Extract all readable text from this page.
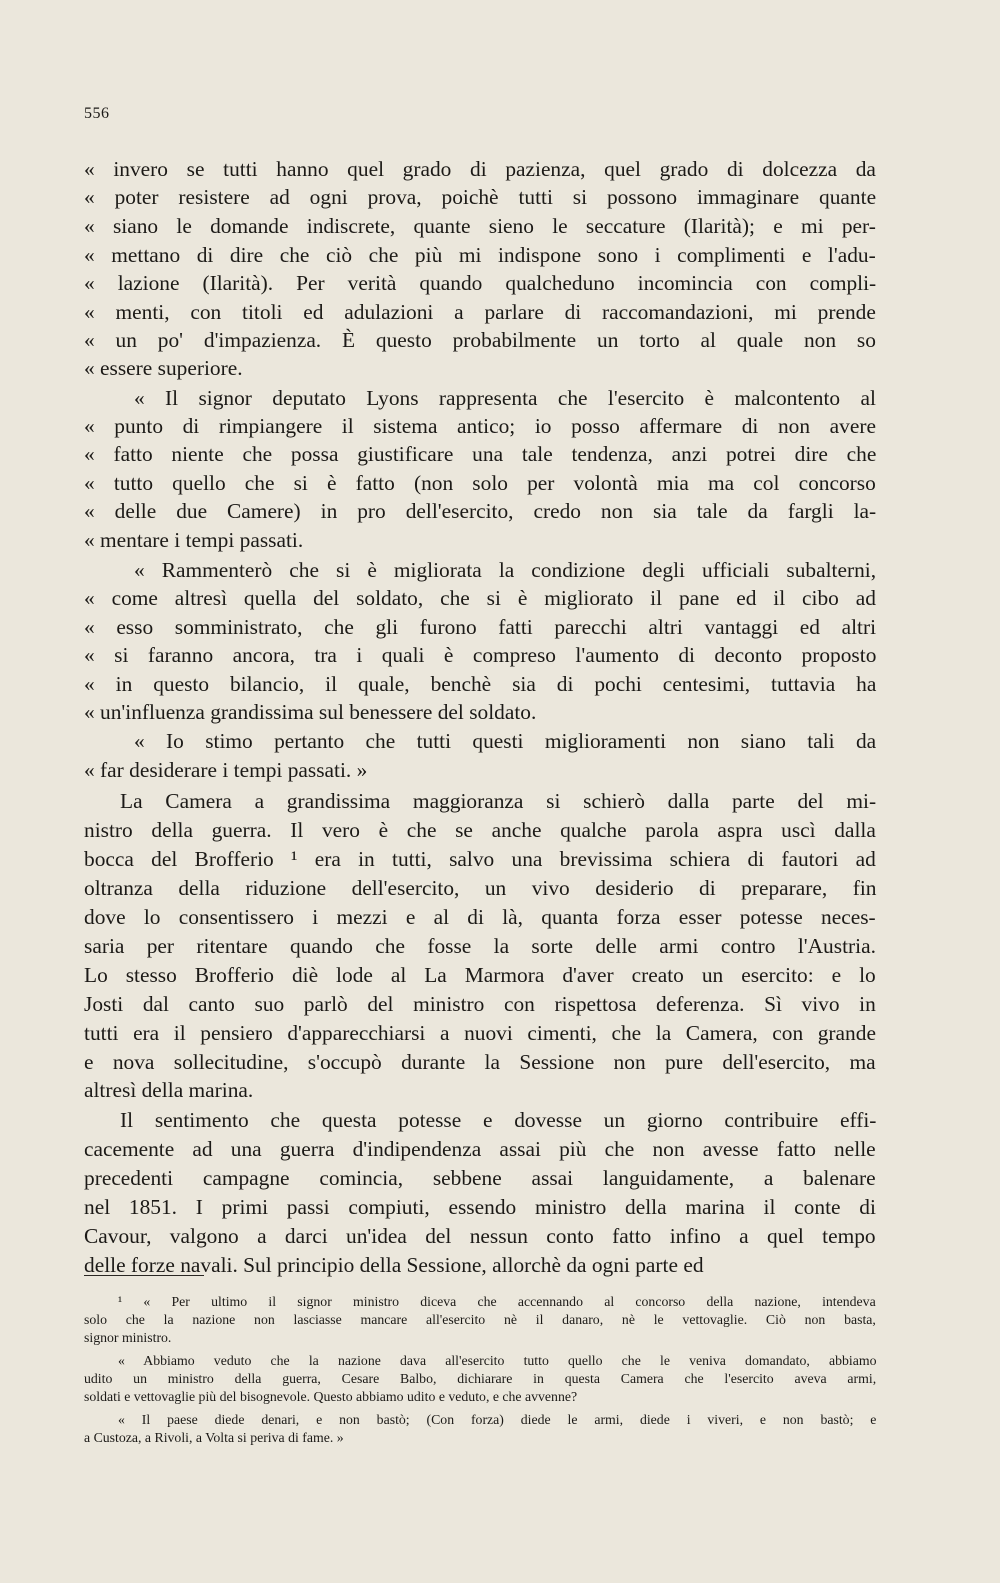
556
« invero se tutti hanno quel grado di pazienza, quel grado di dolcezza da
« poter resistere ad ogni prova, poichè tutti si possono immaginare quante
« siano le domande indiscrete, quante sieno le seccature (Ilarità); e mi per-
« mettano di dire che ciò che più mi indispone sono i complimenti e l'adu-
« lazione (Ilarità). Per verità quando qualcheduno incomincia con compli-
« menti, con titoli ed adulazioni a parlare di raccomandazioni, mi prende
« un po' d'impazienza. È questo probabilmente un torto al quale non so
« essere superiore.
« Il signor deputato Lyons rappresenta che l'esercito è malcontento al
« punto di rimpiangere il sistema antico; io posso affermare di non avere
« fatto niente che possa giustificare una tale tendenza, anzi potrei dire che
« tutto quello che si è fatto (non solo per volontà mia ma col concorso
« delle due Camere) in pro dell'esercito, credo non sia tale da fargli la-
« mentare i tempi passati.
« Rammenterò che si è migliorata la condizione degli ufficiali subalterni,
« come altresì quella del soldato, che si è migliorato il pane ed il cibo ad
« esso somministrato, che gli furono fatti parecchi altri vantaggi ed altri
« si faranno ancora, tra i quali è compreso l'aumento di deconto proposto
« in questo bilancio, il quale, benchè sia di pochi centesimi, tuttavia ha
« un'influenza grandissima sul benessere del soldato.
« Io stimo pertanto che tutti questi miglioramenti non siano tali da
« far desiderare i tempi passati. »
La Camera a grandissima maggioranza si schierò dalla parte del mi-
nistro della guerra. Il vero è che se anche qualche parola aspra uscì dalla
bocca del Brofferio ¹ era in tutti, salvo una brevissima schiera di fautori ad
oltranza della riduzione dell'esercito, un vivo desiderio di preparare, fin
dove lo consentissero i mezzi e al di là, quanta forza esser potesse neces-
saria per ritentare quando che fosse la sorte delle armi contro l'Austria.
Lo stesso Brofferio diè lode al La Marmora d'aver creato un esercito: e lo
Josti dal canto suo parlò del ministro con rispettosa deferenza. Sì vivo in
tutti era il pensiero d'apparecchiarsi a nuovi cimenti, che la Camera, con grande
e nova sollecitudine, s'occupò durante la Sessione non pure dell'esercito, ma
altresì della marina.
Il sentimento che questa potesse e dovesse un giorno contribuire effi-
cacemente ad una guerra d'indipendenza assai più che non avesse fatto nelle
precedenti campagne comincia, sebbene assai languidamente, a balenare
nel 1851. I primi passi compiuti, essendo ministro della marina il conte di
Cavour, valgono a darci un'idea del nessun conto fatto infino a quel tempo
delle forze navali. Sul principio della Sessione, allorchè da ogni parte ed
¹ « Per ultimo il signor ministro diceva che accennando al concorso della nazione, intendeva
solo che la nazione non lasciasse mancare all'esercito nè il danaro, nè le vettovaglie. Ciò non basta,
signor ministro.
« Abbiamo veduto che la nazione dava all'esercito tutto quello che le veniva domandato, abbiamo
udito un ministro della guerra, Cesare Balbo, dichiarare in questa Camera che l'esercito aveva armi,
soldati e vettovaglie più del bisognevole. Questo abbiamo udito e veduto, e che avvenne?
« Il paese diede denari, e non bastò; (Con forza) diede le armi, diede i viveri, e non bastò; e
a Custoza, a Rivoli, a Volta si periva di fame. »
